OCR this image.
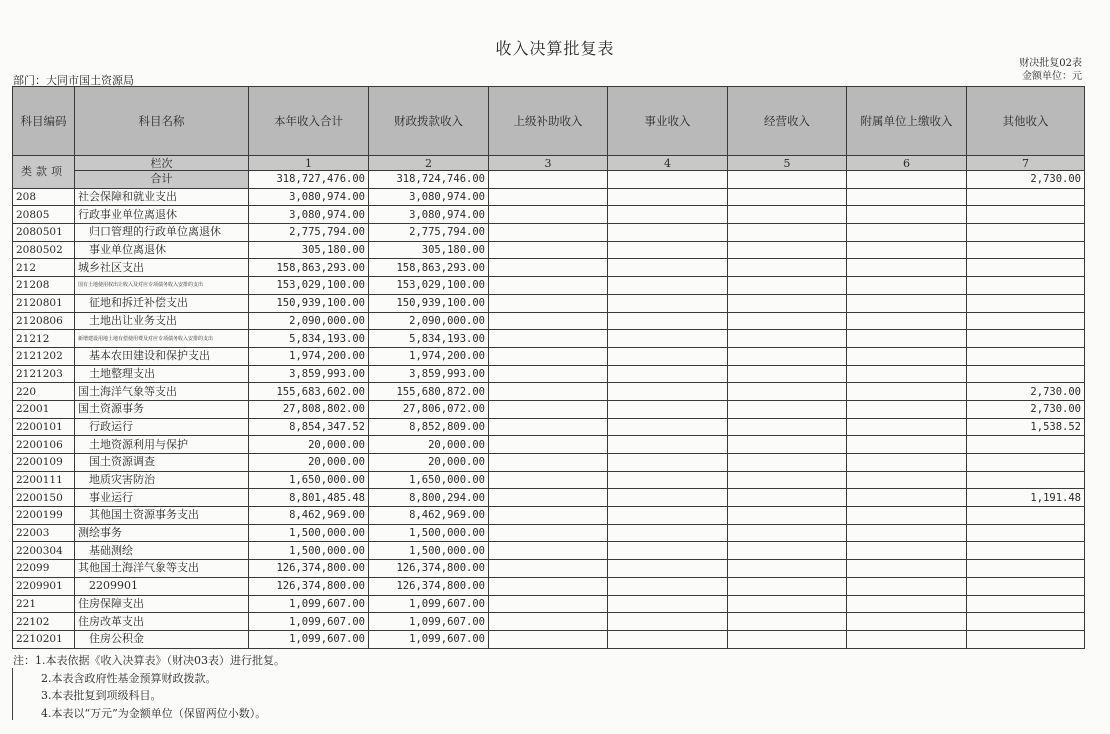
收入决算批复表
部门：大同市国土资源局
财决批复02表
金额单位：元
科目编码	科目名称	本年收入合计	财政拨款收入	上级补助收入	事业收入	经营收入	附属单位上缴收入	其他收入
类款项	栏次	1	2	3	4	5	6	7
	合计	318,727,476.00	318,724,746.00					2,730.00
208	社会保障和就业支出	3,080,974.00	3,080,974.00					
20805	行政事业单位离退休	3,080,974.00	3,080,974.00					
2080501	归口管理的行政单位离退休	2,775,794.00	2,775,794.00					
2080502	事业单位离退休	305,180.00	305,180.00					
212	城乡社区支出	158,863,293.00	158,863,293.00					
21208	国有土地使用权出让收入及对应专项债务收入安排的支出	153,029,100.00	153,029,100.00					
2120801	征地和拆迁补偿支出	150,939,100.00	150,939,100.00					
2120806	土地出让业务支出	2,090,000.00	2,090,000.00					
21212	新增建设用地土地有偿使用费及对应专项债务收入安排的支出	5,834,193.00	5,834,193.00					
2121202	基本农田建设和保护支出	1,974,200.00	1,974,200.00					
2121203	土地整理支出	3,859,993.00	3,859,993.00					
220	国土海洋气象等支出	155,683,602.00	155,680,872.00					2,730.00
22001	国土资源事务	27,808,802.00	27,806,072.00					2,730.00
2200101	行政运行	8,854,347.52	8,852,809.00					1,538.52
2200106	土地资源利用与保护	20,000.00	20,000.00					
2200109	国土资源调查	20,000.00	20,000.00					
2200111	地质灾害防治	1,650,000.00	1,650,000.00					
2200150	事业运行	8,801,485.48	8,800,294.00					1,191.48
2200199	其他国土资源事务支出	8,462,969.00	8,462,969.00					
22003	测绘事务	1,500,000.00	1,500,000.00					
2200304	基础测绘	1,500,000.00	1,500,000.00					
22099	其他国土海洋气象等支出	126,374,800.00	126,374,800.00					
2209901	2209901	126,374,800.00	126,374,800.00					
221	住房保障支出	1,099,607.00	1,099,607.00					
22102	住房改革支出	1,099,607.00	1,099,607.00					
2210201	住房公积金	1,099,607.00	1,099,607.00					
注：1.本表依据《收入决算表》（财决03表）进行批复。
2.本表含政府性基金预算财政拨款。
3.本表批复到项级科目。
4.本表以“万元”为金额单位（保留两位小数）。
